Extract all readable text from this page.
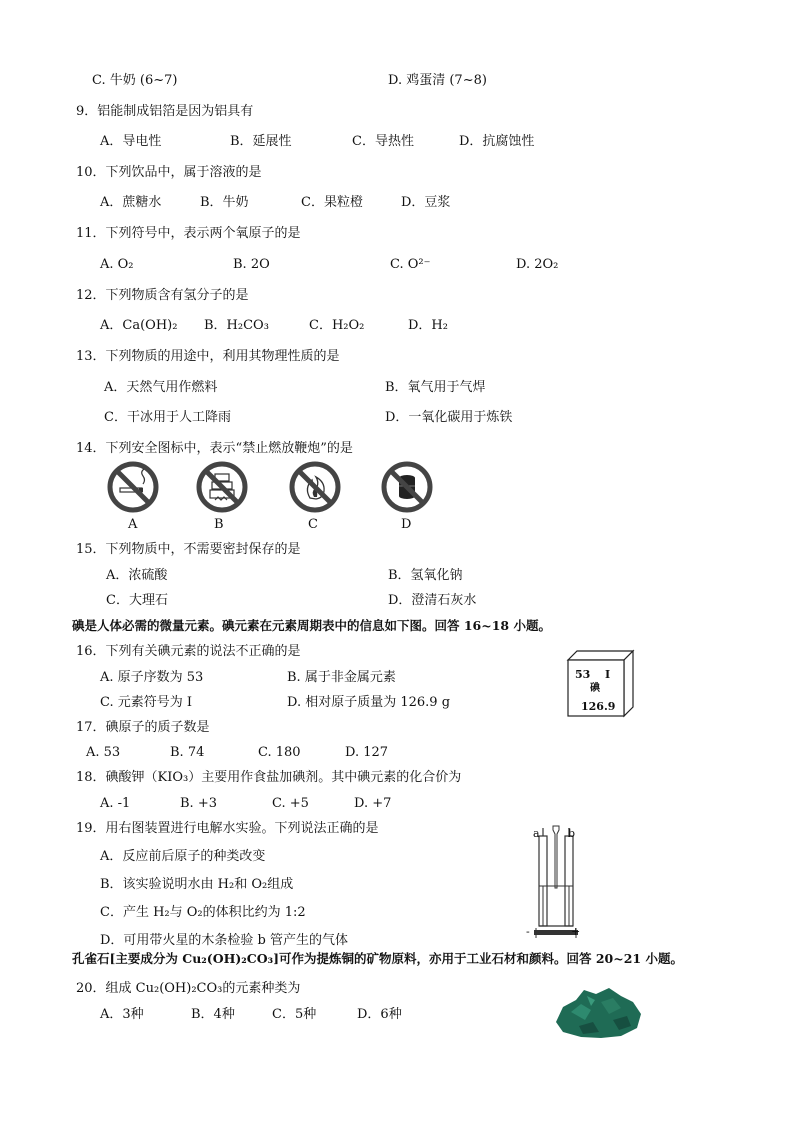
C. 牛奶 (6~7)	D. 鸡蛋清 (7~8)
9．铝能制成铝箔是因为铝具有
A．导电性	B．延展性	C．导热性	D．抗腐蚀性
10．下列饮品中，属于溶液的是
A．蔗糖水	B．牛奶	C．果粒橙	D．豆浆
11．下列符号中，表示两个氧原子的是
A. O₂	B. 2O	C. O²⁻	D. 2O₂
12．下列物质含有氢分子的是
A．Ca(OH)₂ B．H₂CO₃	C．H₂O₂	D．H₂
13．下列物质的用途中，利用其物理性质的是
A．天然气用作燃料	B．氧气用于气焊
C．干冰用于人工降雨	D．一氧化碳用于炼铁
14．下列安全图标中，表示“禁止燃放鞭炮”的是
A	B	C	D
15．下列物质中，不需要密封保存的是
A．浓硫酸	B．氢氧化钠
C．大理石	D．澄清石灰水
碘是人体必需的微量元素。碘元素在元素周期表中的信息如下图。回答 16~18 小题。
16．下列有关碘元素的说法不正确的是
A. 原子序数为 53	B. 属于非金属元素
C. 元素符号为 I	D. 相对原子质量为 126.9 g
53 I
碘
126.9
17．碘原子的质子数是
A. 53	B. 74	C. 180	D. 127
18．碘酸钾（KIO₃）主要用作食盐加碘剂。其中碘元素的化合价为
A. -1	B. +3	C. +5	D. +7
19．用右图装置进行电解水实验。下列说法正确的是
A．反应前后原子的种类改变
B．该实验说明水由 H₂和 O₂组成
C．产生 H₂与 O₂的体积比约为 1:2
D．可用带火星的木条检验 b 管产生的气体
a	b
-	+
孔雀石[主要成分为 Cu₂(OH)₂CO₃]可作为提炼铜的矿物原料，亦用于工业石材和颜料。回答 20~21 小题。
20．组成 Cu₂(OH)₂CO₃的元素种类为
A．3种	B．4种	C．5种	D．6种
